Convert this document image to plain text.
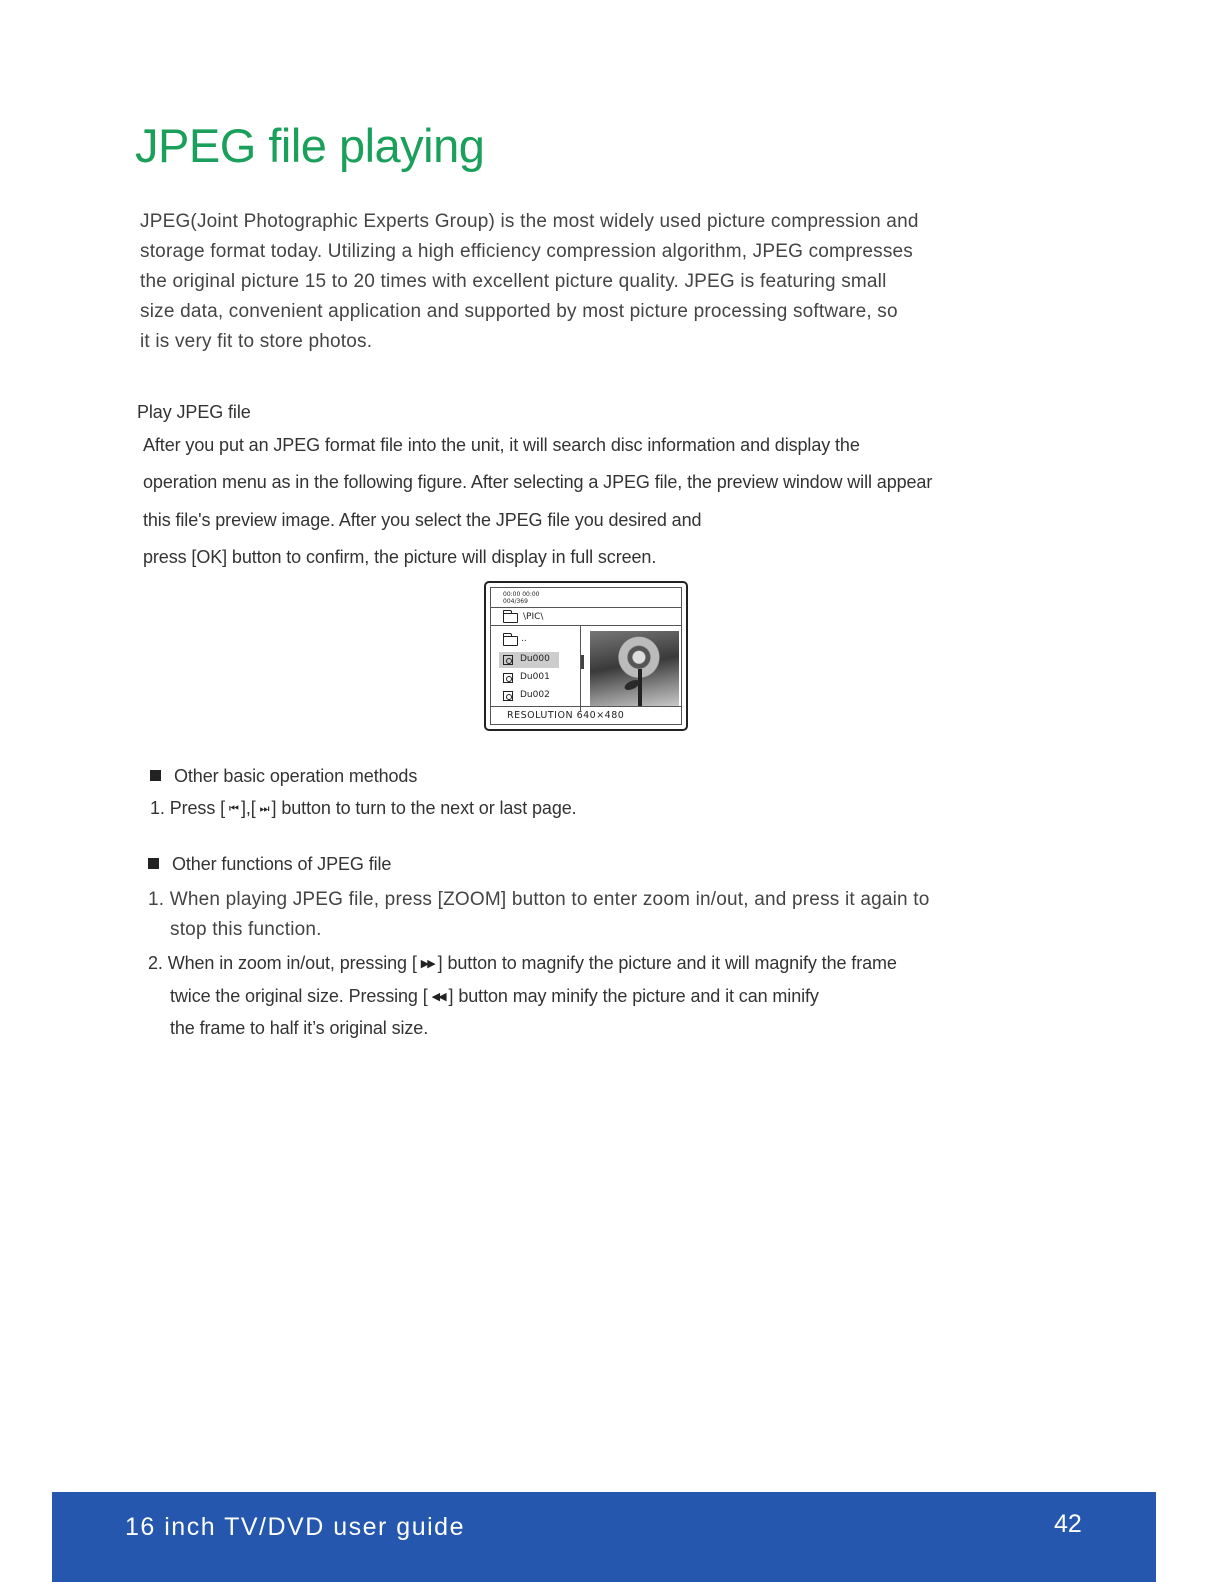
JPEG file playing
JPEG(Joint Photographic Experts Group) is the most widely used picture compression and
storage format today. Utilizing a high efficiency compression algorithm, JPEG compresses
the original picture 15 to 20 times with excellent picture quality. JPEG is featuring small
size data, convenient application and supported by most picture processing software, so
it is very fit to store photos.
Play JPEG file
After you put an JPEG format file into the unit, it will search disc information and display the
operation menu as in the following figure. After selecting a JPEG file, the preview window will appear
this file's preview image. After you select the JPEG file you desired and
press [OK] button to confirm, the picture will display in full screen.
00:00 00:00
004/369
\PIC\
..
Du000
Du001
Du002
RESOLUTION 640×480
Other basic operation methods
1. Press [ ⏮ ],[ ⏭ ] button to turn to the next or last page.
Other functions of JPEG file
1. When playing JPEG file, press [ZOOM] button to enter zoom in/out, and press it again to
stop this function.
2. When in zoom in/out, pressing [ ▶▶ ] button to magnify the picture and it will magnify the frame
twice the original size. Pressing [ ◀◀ ] button may minify the picture and it can minify
the frame to half it’s original size.
16 inch TV/DVD user guide	42
